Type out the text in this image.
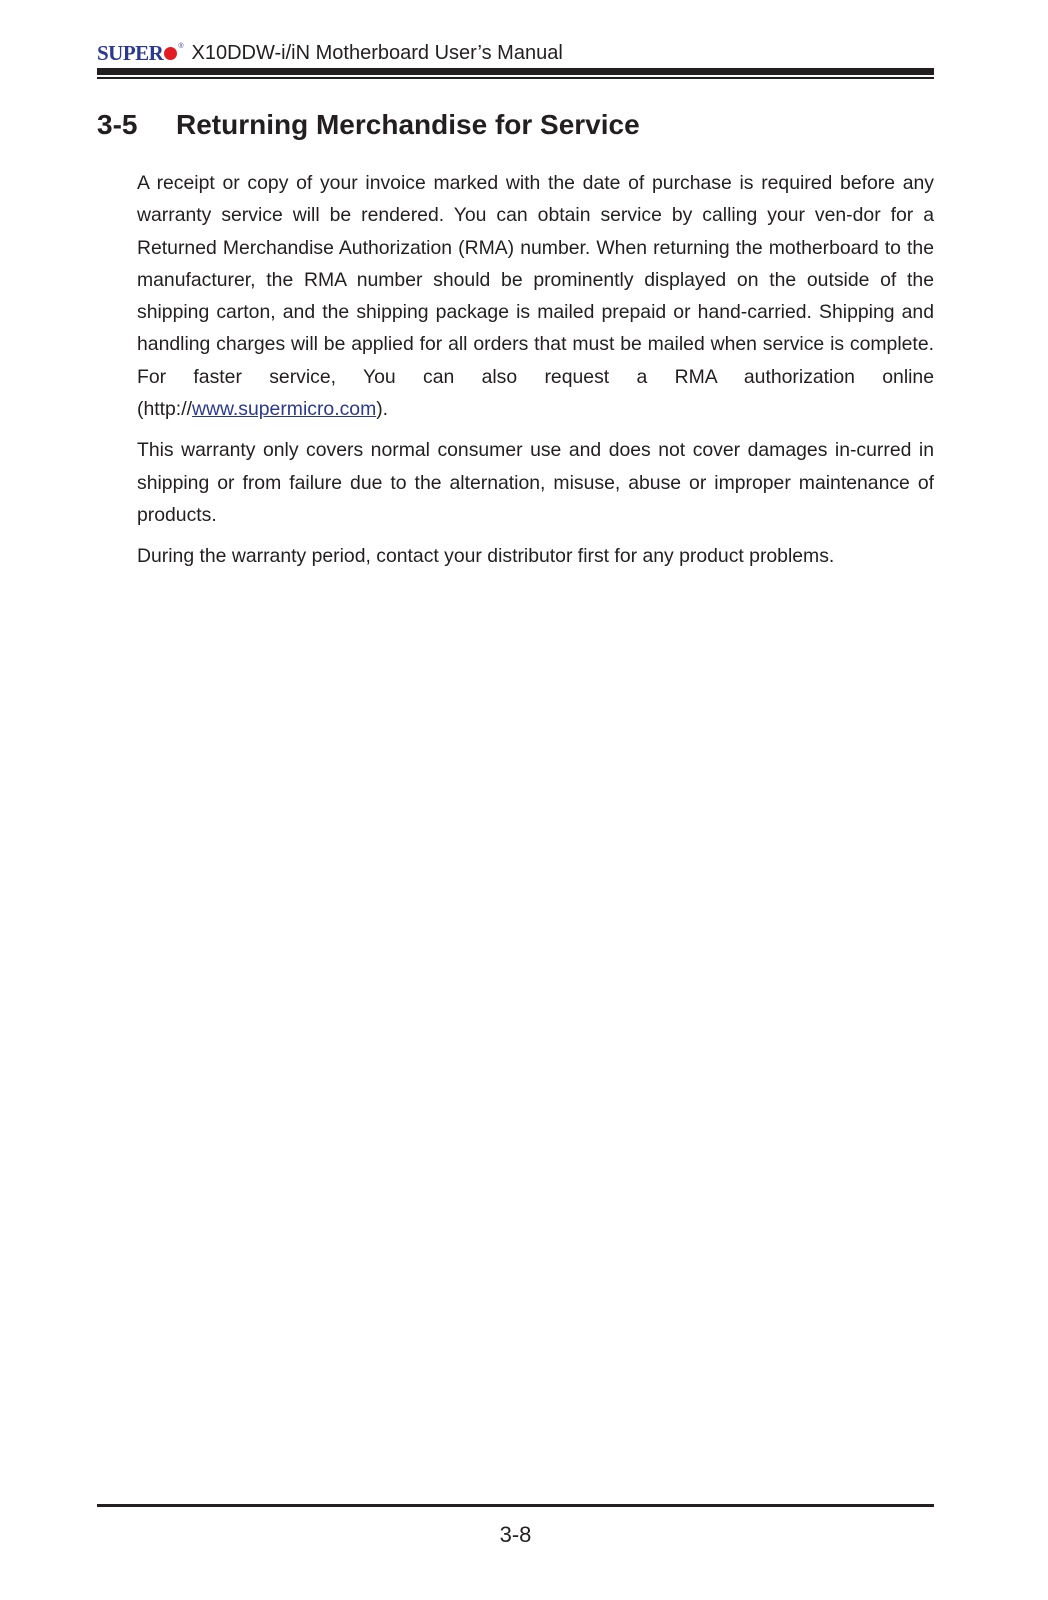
SUPER ® X10DDW-i/iN Motherboard User’s Manual
3-5	Returning Merchandise for Service

A receipt or copy of your invoice marked with the date of purchase is required before any warranty service will be rendered. You can obtain service by calling your ven-dor for a Returned Merchandise Authorization (RMA) number. When returning the motherboard to the manufacturer, the RMA number should be prominently displayed on the outside of the shipping carton, and the shipping package is mailed prepaid or hand-carried. Shipping and handling charges will be applied for all orders that must be mailed when service is complete. For faster service, You can also request a RMA authorization online (http://www.supermicro.com).

This warranty only covers normal consumer use and does not cover damages in-curred in shipping or from failure due to the alternation, misuse, abuse or improper maintenance of products.

During the warranty period, contact your distributor first for any product problems.

3-8
